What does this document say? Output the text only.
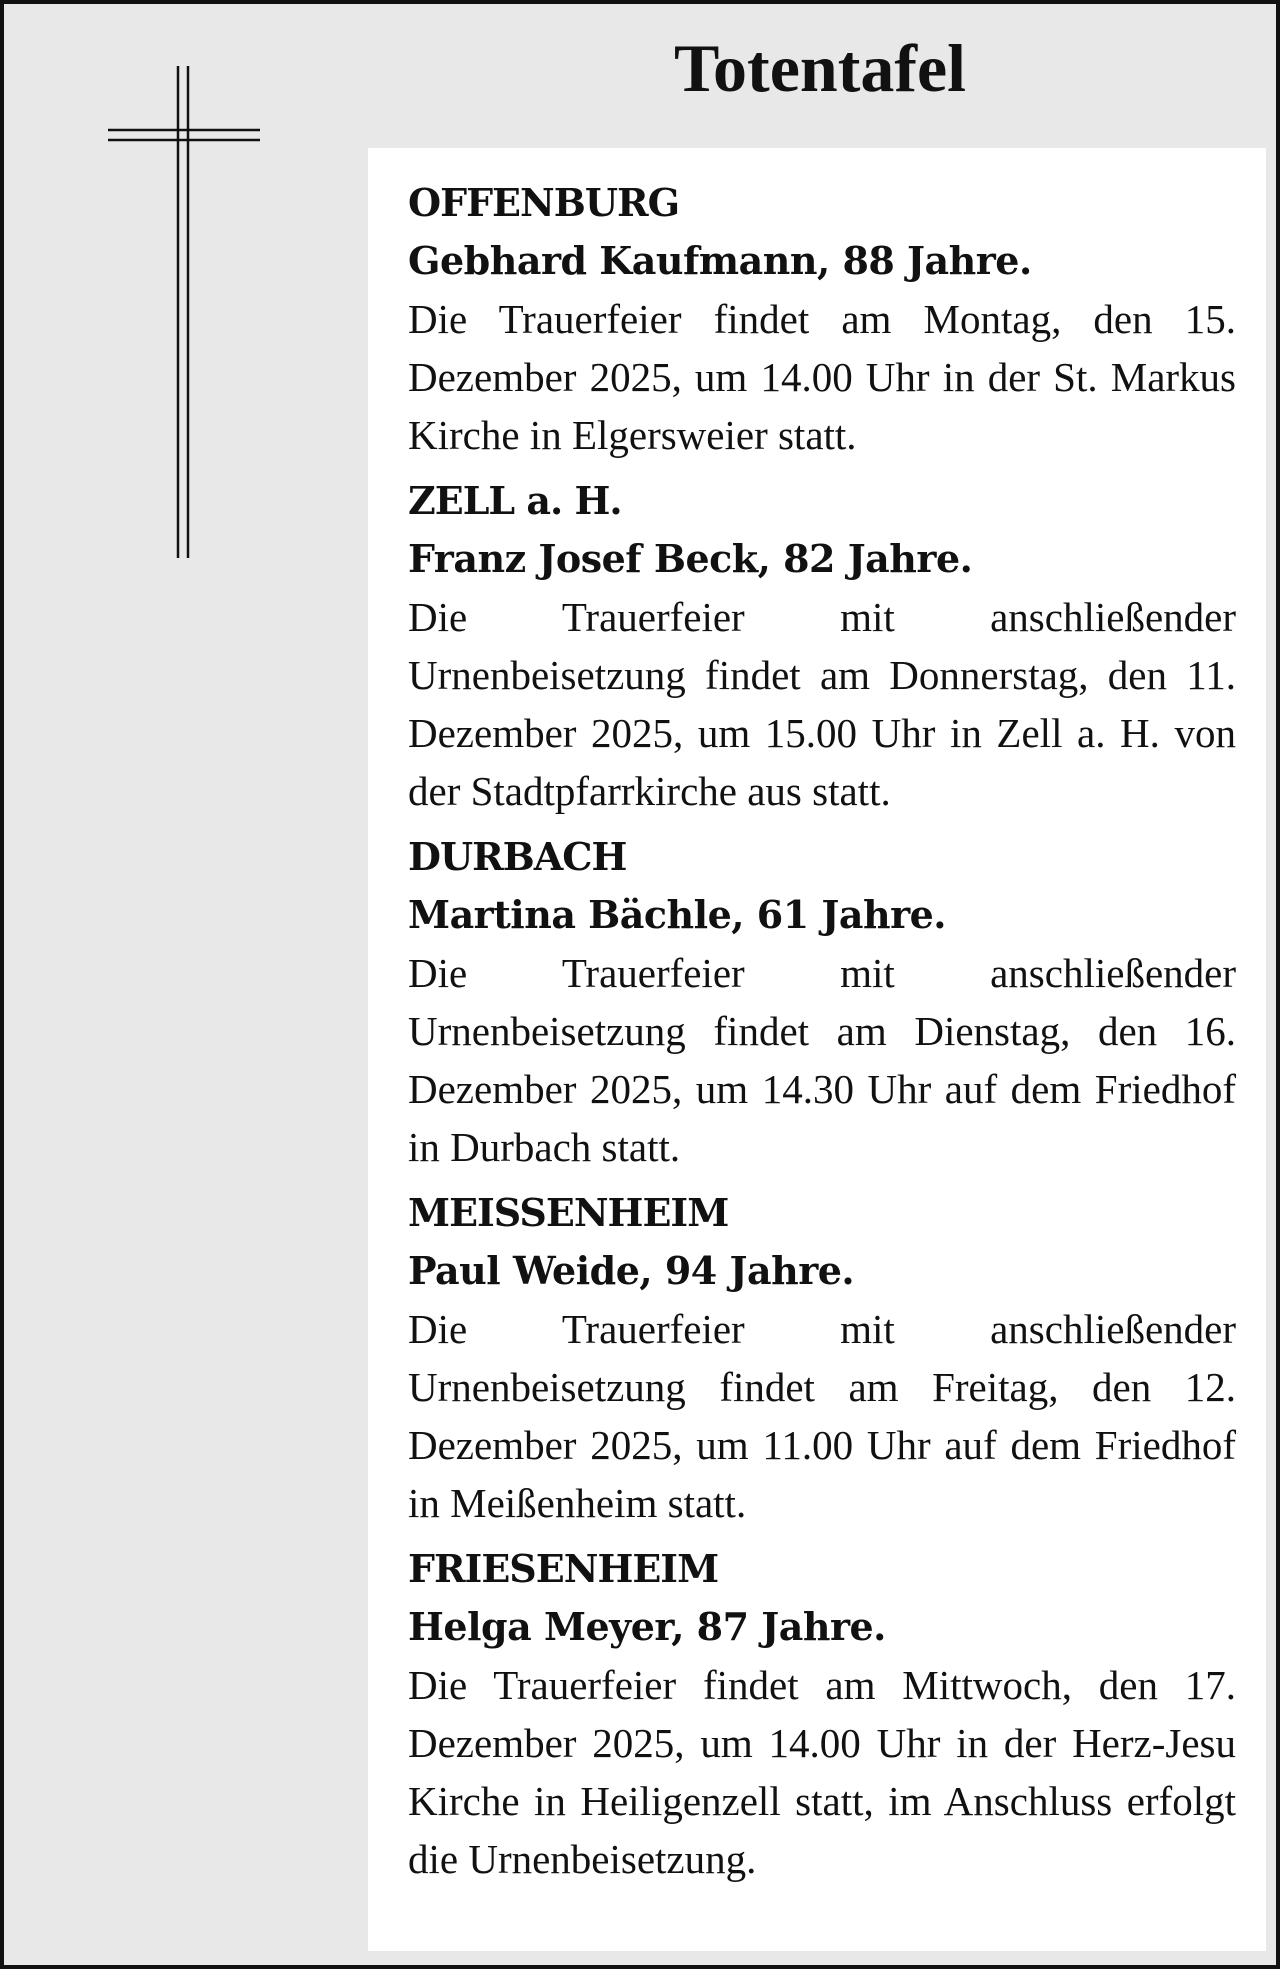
Totentafel
OFFENBURG
Gebhard Kaufmann, 88 Jahre.

Die Trauerfeier findet am Montag, den 15. Dezember 2025, um 14.00 Uhr in der St. Markus Kirche in Elgersweier statt.

ZELL a. H.
Franz Josef Beck, 82 Jahre.

Die Trauerfeier mit anschließender Urnenbeisetzung findet am Donnerstag, den 11. Dezember 2025, um 15.00 Uhr in Zell a. H. von der Stadtpfarrkirche aus statt.

DURBACH
Martina Bächle, 61 Jahre.

Die Trauerfeier mit anschließender Urnenbeisetzung findet am Dienstag, den 16. Dezember 2025, um 14.30 Uhr auf dem Friedhof in Durbach statt.

MEISSENHEIM
Paul Weide, 94 Jahre.

Die Trauerfeier mit anschließender Urnenbeisetzung findet am Freitag, den 12. Dezember 2025, um 11.00 Uhr auf dem Friedhof in Meißenheim statt.

FRIESENHEIM
Helga Meyer, 87 Jahre.

Die Trauerfeier findet am Mittwoch, den 17. Dezember 2025, um 14.00 Uhr in der Herz-Jesu Kirche in Heiligenzell statt, im Anschluss erfolgt die Urnenbeisetzung.
